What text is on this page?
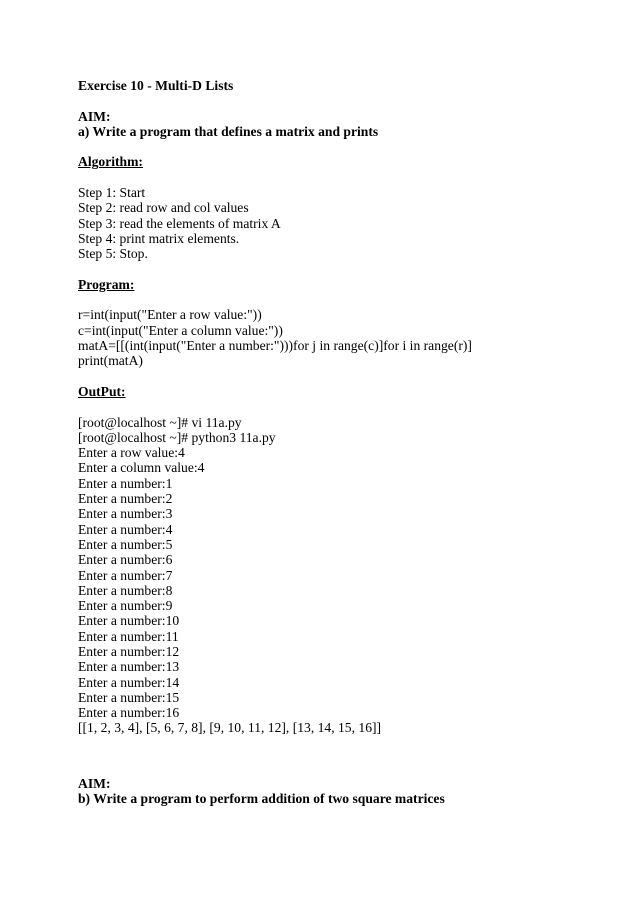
Exercise 10 - Multi-D Lists
AIM:
a) Write a program that defines a matrix and prints
Algorithm:
Step 1: Start
Step 2: read row and col values
Step 3: read the elements of matrix A
Step 4: print matrix elements.
Step 5: Stop.
Program:
r=int(input("Enter a row value:"))
c=int(input("Enter a column value:"))
matA=[[(int(input("Enter a number:")))for j in range(c)]for i in range(r)]
print(matA)
OutPut:
[root@localhost ~]# vi 11a.py
[root@localhost ~]# python3 11a.py
Enter a row value:4
Enter a column value:4
Enter a number:1
Enter a number:2
Enter a number:3
Enter a number:4
Enter a number:5
Enter a number:6
Enter a number:7
Enter a number:8
Enter a number:9
Enter a number:10
Enter a number:11
Enter a number:12
Enter a number:13
Enter a number:14
Enter a number:15
Enter a number:16
[[1, 2, 3, 4], [5, 6, 7, 8], [9, 10, 11, 12], [13, 14, 15, 16]]
AIM:
b) Write a program to perform addition of two square matrices
